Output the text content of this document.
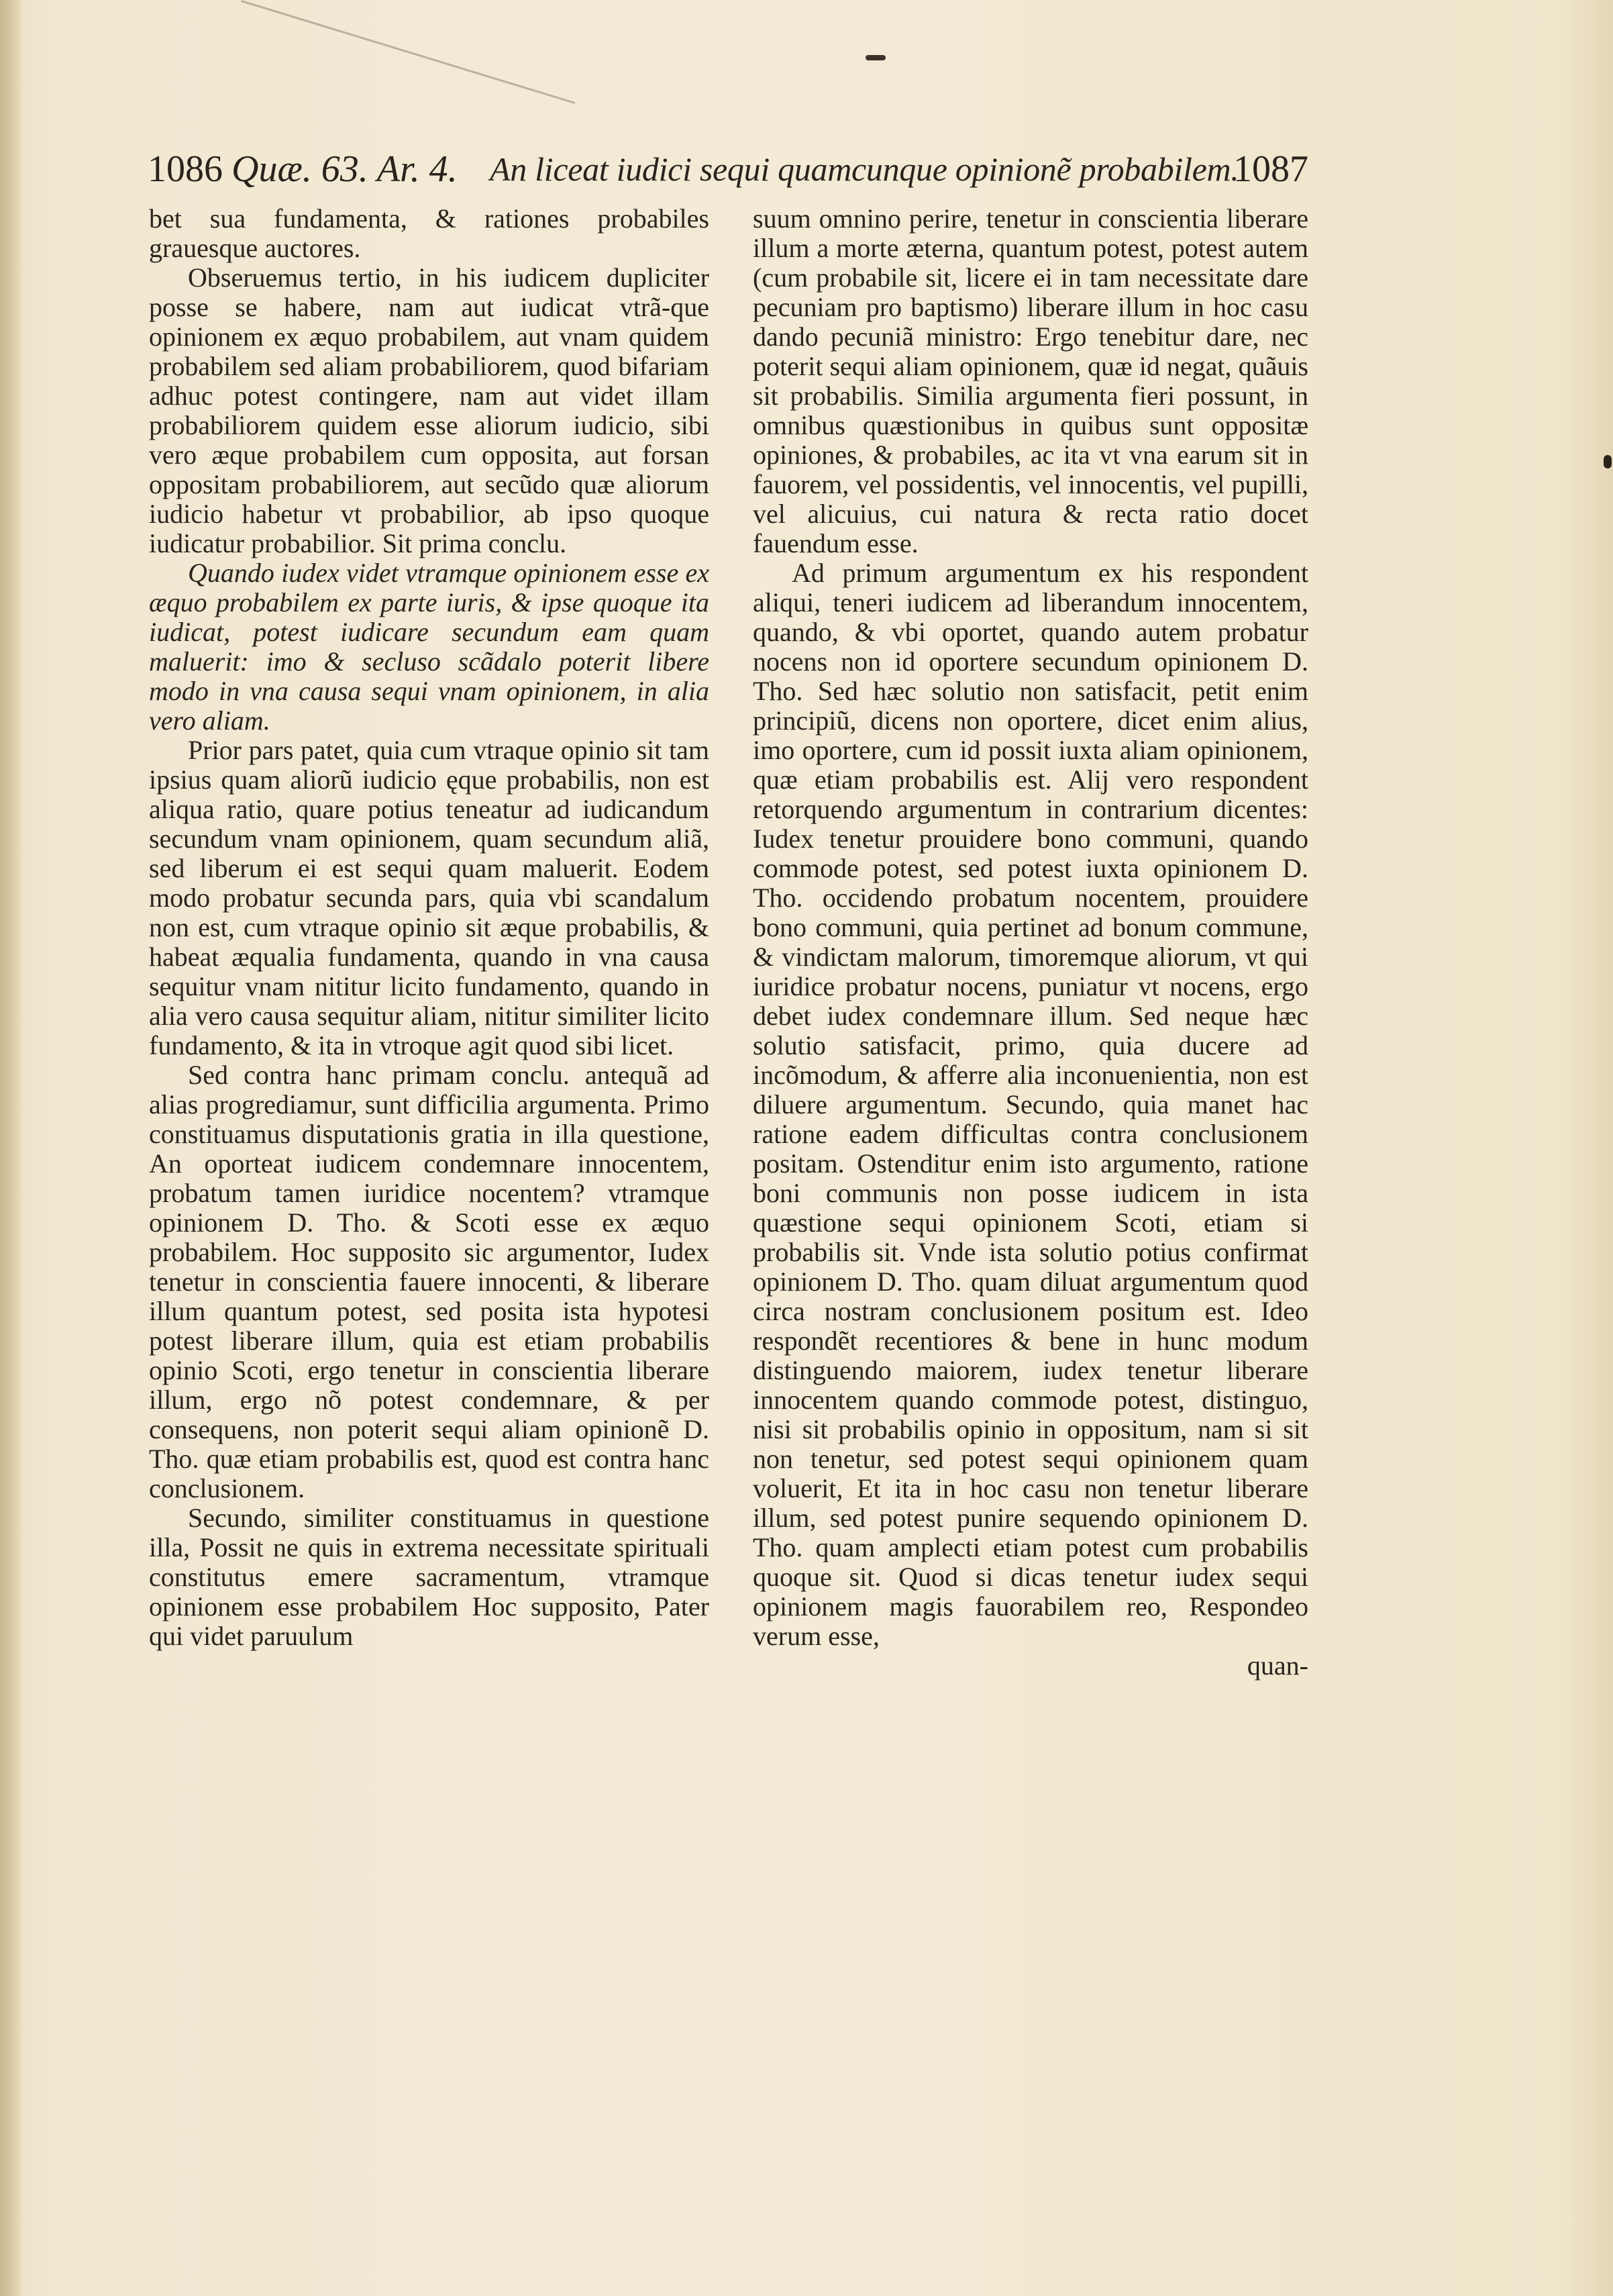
1086 Quæ. 63. Ar. 4. An liceat iudici sequi quamcunque opinionẽ probabilem.
1087

bet sua fundamenta, & rationes probabiles grauesque auctores.

Obseruemus tertio, in his iudicem dupliciter posse se habere, nam aut iudicat vtrã-que opinionem ex æquo probabilem, aut vnam quidem probabilem sed aliam probabiliorem, quod bifariam adhuc potest contingere, nam aut videt illam probabiliorem quidem esse aliorum iudicio, sibi vero æque probabilem cum opposita, aut forsan oppositam probabiliorem, aut secũdo quæ aliorum iudicio habetur vt probabilior, ab ipso quoque iudicatur probabilior. Sit prima conclu.

Quando iudex videt vtramque opinionem esse ex æquo probabilem ex parte iuris, & ipse quoque ita iudicat, potest iudicare secundum eam quam maluerit: imo & secluso scãdalo poterit libere modo in vna causa sequi vnam opinionem, in alia vero aliam.

Prior pars patet, quia cum vtraque opinio sit tam ipsius quam aliorũ iudicio ęque probabilis, non est aliqua ratio, quare potius teneatur ad iudicandum secundum vnam opinionem, quam secundum aliã, sed liberum ei est sequi quam maluerit. Eodem modo probatur secunda pars, quia vbi scandalum non est, cum vtraque opinio sit æque probabilis, & habeat æqualia fundamenta, quando in vna causa sequitur vnam nititur licito fundamento, quando in alia vero causa sequitur aliam, nititur similiter licito fundamento, & ita in vtroque agit quod sibi licet.

Sed contra hanc primam conclu. antequã ad alias progrediamur, sunt difficilia argumenta. Primo constituamus disputationis gratia in illa questione, An oporteat iudicem condemnare innocentem, probatum tamen iuridice nocentem? vtramque opinionem D. Tho. & Scoti esse ex æquo probabilem. Hoc supposito sic argumentor, Iudex tenetur in conscientia fauere innocenti, & liberare illum quantum potest, sed posita ista hypotesi potest liberare illum, quia est etiam probabilis opinio Scoti, ergo tenetur in conscientia liberare illum, ergo nõ potest condemnare, & per consequens, non poterit sequi aliam opinionẽ D. Tho. quæ etiam probabilis est, quod est contra hanc conclusionem.

Secundo, similiter constituamus in questione illa, Possit ne quis in extrema necessitate spirituali constitutus emere sacramentum, vtramque opinionem esse probabilem Hoc supposito, Pater qui videt paruulum

suum omnino perire, tenetur in conscientia liberare illum a morte æterna, quantum potest, potest autem (cum probabile sit, licere ei in tam necessitate dare pecuniam pro baptismo) liberare illum in hoc casu dando pecuniã ministro: Ergo tenebitur dare, nec poterit sequi aliam opinionem, quæ id negat, quãuis sit probabilis. Similia argumenta fieri possunt, in omnibus quæstionibus in quibus sunt oppositæ opiniones, & probabiles, ac ita vt vna earum sit in fauorem, vel possidentis, vel innocentis, vel pupilli, vel alicuius, cui natura & recta ratio docet fauendum esse.

Ad primum argumentum ex his respondent aliqui, teneri iudicem ad liberandum innocentem, quando, & vbi oportet, quando autem probatur nocens non id oportere secundum opinionem D. Tho. Sed hæc solutio non satisfacit, petit enim principiũ, dicens non oportere, dicet enim alius, imo oportere, cum id possit iuxta aliam opinionem, quæ etiam probabilis est. Alij vero respondent retorquendo argumentum in contrarium dicentes: Iudex tenetur prouidere bono communi, quando commode potest, sed potest iuxta opinionem D. Tho. occidendo probatum nocentem, prouidere bono communi, quia pertinet ad bonum commune, & vindictam malorum, timoremque aliorum, vt qui iuridice probatur nocens, puniatur vt nocens, ergo debet iudex condemnare illum. Sed neque hæc solutio satisfacit, primo, quia ducere ad incõmodum, & afferre alia inconuenientia, non est diluere argumentum. Secundo, quia manet hac ratione eadem difficultas contra conclusionem positam. Ostenditur enim isto argumento, ratione boni communis non posse iudicem in ista quæstione sequi opinionem Scoti, etiam si probabilis sit. Vnde ista solutio potius confirmat opinionem D. Tho. quam diluat argumentum quod circa nostram conclusionem positum est. Ideo respondẽt recentiores & bene in hunc modum distinguendo maiorem, iudex tenetur liberare innocentem quando commode potest, distinguo, nisi sit probabilis opinio in oppositum, nam si sit non tenetur, sed potest sequi opinionem quam voluerit, Et ita in hoc casu non tenetur liberare illum, sed potest punire sequendo opinionem D. Tho. quam amplecti etiam potest cum probabilis quoque sit. Quod si dicas tenetur iudex sequi opinionem magis fauorabilem reo, Respondeo verum esse,

quan-
